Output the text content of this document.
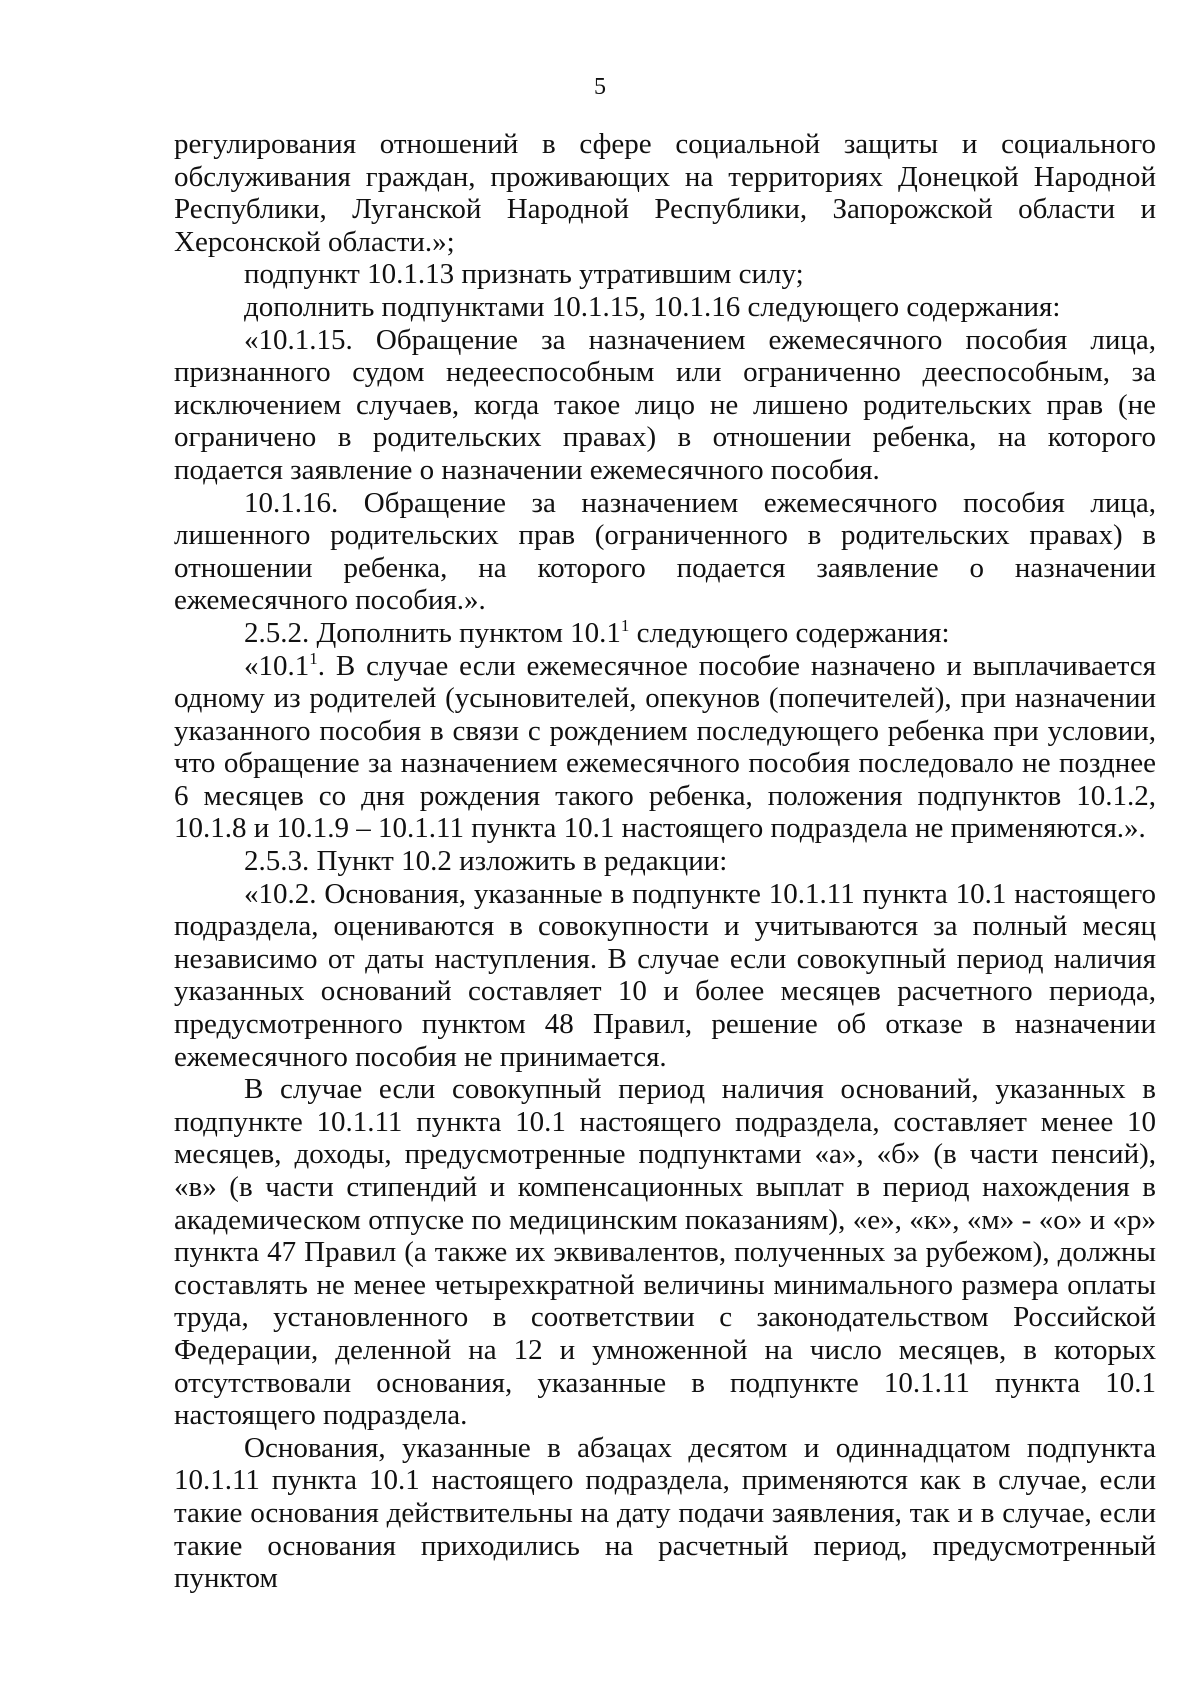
5

регулирования отношений в сфере социальной защиты и социального обслуживания граждан, проживающих на территориях Донецкой Народной Республики, Луганской Народной Республики, Запорожской области и Херсонской области.»;

подпункт 10.1.13 признать утратившим силу;

дополнить подпунктами 10.1.15, 10.1.16 следующего содержания:

«10.1.15. Обращение за назначением ежемесячного пособия лица, признанного судом недееспособным или ограниченно дееспособным, за исключением случаев, когда такое лицо не лишено родительских прав (не ограничено в родительских правах) в отношении ребенка, на которого подается заявление о назначении ежемесячного пособия.

10.1.16. Обращение за назначением ежемесячного пособия лица, лишенного родительских прав (ограниченного в родительских правах) в отношении ребенка, на которого подается заявление о назначении ежемесячного пособия.».

2.5.2. Дополнить пунктом 10.1$^1$ следующего содержания:

«10.1$^1$. В случае если ежемесячное пособие назначено и выплачивается одному из родителей (усыновителей, опекунов (попечителей), при назначении указанного пособия в связи с рождением последующего ребенка при условии, что обращение за назначением ежемесячного пособия последовало не позднее 6 месяцев со дня рождения такого ребенка, положения подпунктов 10.1.2, 10.1.8 и 10.1.9 – 10.1.11 пункта 10.1 настоящего подраздела не применяются.».

2.5.3. Пункт 10.2 изложить в редакции:

«10.2. Основания, указанные в подпункте 10.1.11 пункта 10.1 настоящего подраздела, оцениваются в совокупности и учитываются за полный месяц независимо от даты наступления. В случае если совокупный период наличия указанных оснований составляет 10 и более месяцев расчетного периода, предусмотренного пунктом 48 Правил, решение об отказе в назначении ежемесячного пособия не принимается.

В случае если совокупный период наличия оснований, указанных в подпункте 10.1.11 пункта 10.1 настоящего подраздела, составляет менее 10 месяцев, доходы, предусмотренные подпунктами «а», «б» (в части пенсий), «в» (в части стипендий и компенсационных выплат в период нахождения в академическом отпуске по медицинским показаниям), «е», «к», «м» - «о» и «р» пункта 47 Правил (а также их эквивалентов, полученных за рубежом), должны составлять не менее четырехкратной величины минимального размера оплаты труда, установленного в соответствии с законодательством Российской Федерации, деленной на 12 и умноженной на число месяцев, в которых отсутствовали основания, указанные в подпункте 10.1.11 пункта 10.1 настоящего подраздела.

Основания, указанные в абзацах десятом и одиннадцатом подпункта 10.1.11 пункта 10.1 настоящего подраздела, применяются как в случае, если такие основания действительны на дату подачи заявления, так и в случае, если такие основания приходились на расчетный период, предусмотренный пунктом
